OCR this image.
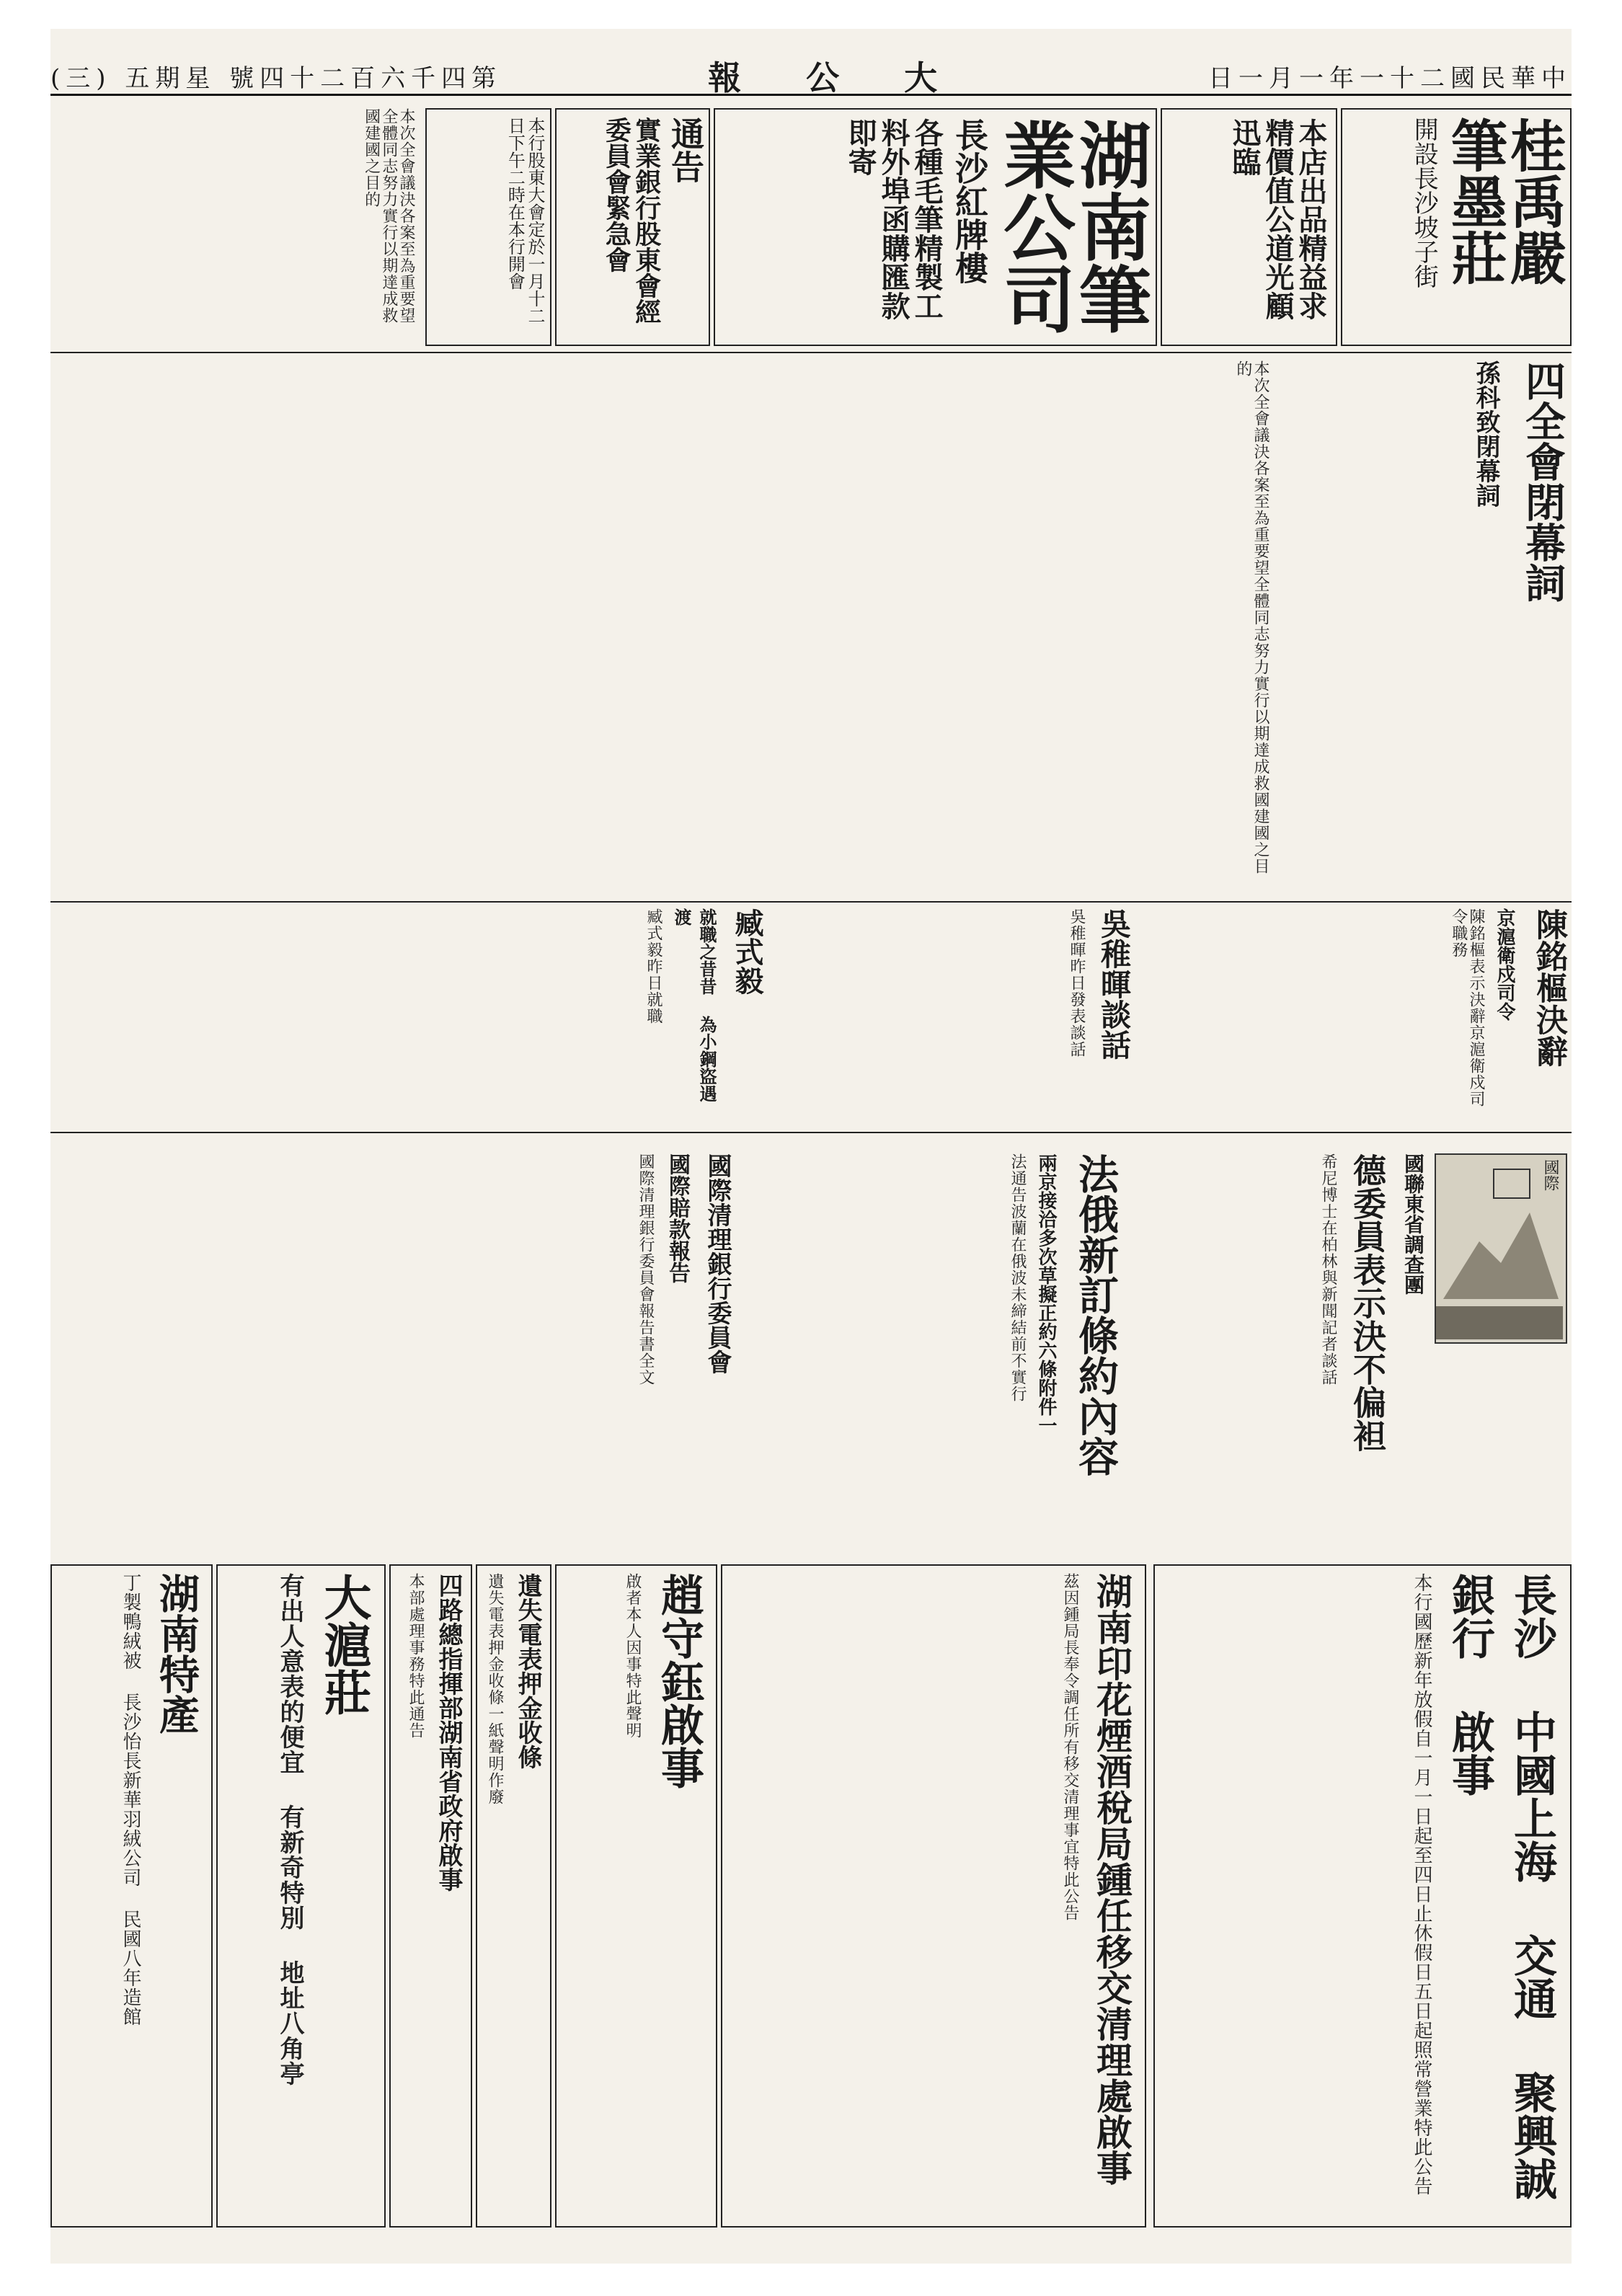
(三) 五期星 號四十二百六千四第	報公大	日一月一年一十二國民華中
桂禹嚴筆墨莊
開設長沙坡子街
本店出品精益求精價值公道光顧迅臨
湖南筆業公司
長沙紅牌樓
各種毛筆精製工料外埠函購匯款即寄
通告
實業銀行股東會經委員會緊急會
本行股東大會定於一月十二日下午二時在本行開會
本次全會議決各案至為重要望全體同志努力實行以期達成救國建國之目的
四全會閉幕詞
孫科致閉幕詞
本次全會議決各案至為重要望全體同志努力實行以期達成救國建國之目的
陳銘樞決辭
京滬衛戍司令
陳銘樞表示決辭京滬衛戍司令職務
吳稚暉談話
吳稚暉昨日發表談話
臧式毅
就職之昔昔 為小鋼盜遇渡
臧式毅昨日就職
國際
國聯東省調查團
德委員表示決不偏袒
希尼博士在柏林與新聞記者談話
法俄新訂條約內容
兩京接洽多次草擬正約六條附件一
法通告波蘭在俄波未締結前不實行
國際清理銀行委員會
國際賠款報告
國際清理銀行委員會報告書全文
湖南印花煙酒稅局鍾任移交清理處啟事
茲因鍾局長奉令調任所有移交清理事宜特此公告
趙守鈺啟事
啟者本人因事特此聲明
遺失電表押金收條
遺失電表押金收條一紙聲明作廢
四路總指揮部湖南省政府啟事
本部處理事務特此通告	長沙 中國上海 交通 聚興誠銀行 啟事
本行國歷新年放假自一月一日起至四日止休假日五日起照常營業特此公告
大滬莊
有出人意表的便宜 有新奇特別 地址八角亭
湖南特產
丁製鴨絨被 長沙怡長新華羽絨公司 民國八年造館
